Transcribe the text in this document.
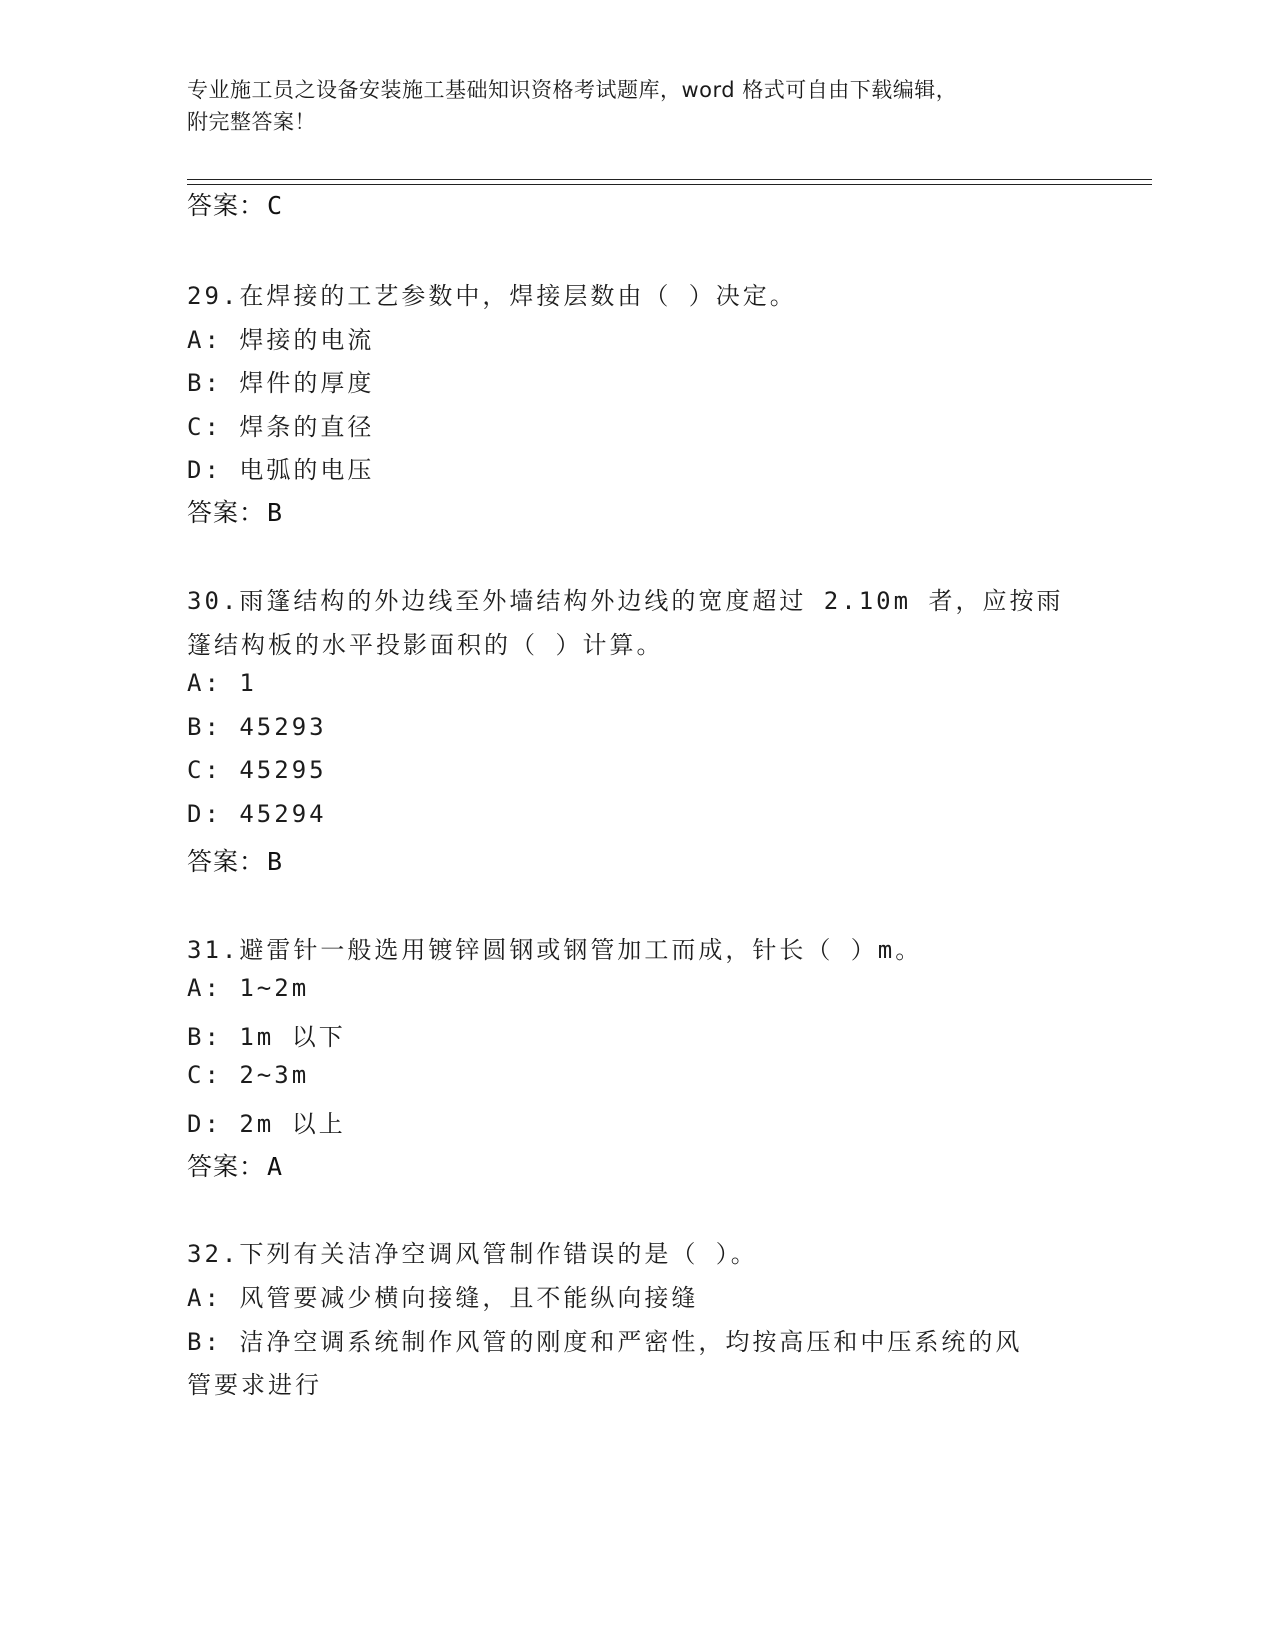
专业施工员之设备安装施工基础知识资格考试题库，word 格式可自由下载编辑，
附完整答案！
答案：C
29.在焊接的工艺参数中，焊接层数由（ ）决定。
A: 焊接的电流
B: 焊件的厚度
C: 焊条的直径
D: 电弧的电压
答案：B
30.雨篷结构的外边线至外墙结构外边线的宽度超过 2.10m 者，应按雨
篷结构板的水平投影面积的（ ）计算。
A: 1
B: 45293
C: 45295
D: 45294
答案：B
31.避雷针一般选用镀锌圆钢或钢管加工而成，针长（ ）m。
A: 1~2m
B: 1m 以下
C: 2~3m
D: 2m 以上
答案：A
32.下列有关洁净空调风管制作错误的是（ ）。
A: 风管要减少横向接缝，且不能纵向接缝
B: 洁净空调系统制作风管的刚度和严密性，均按高压和中压系统的风
管要求进行
